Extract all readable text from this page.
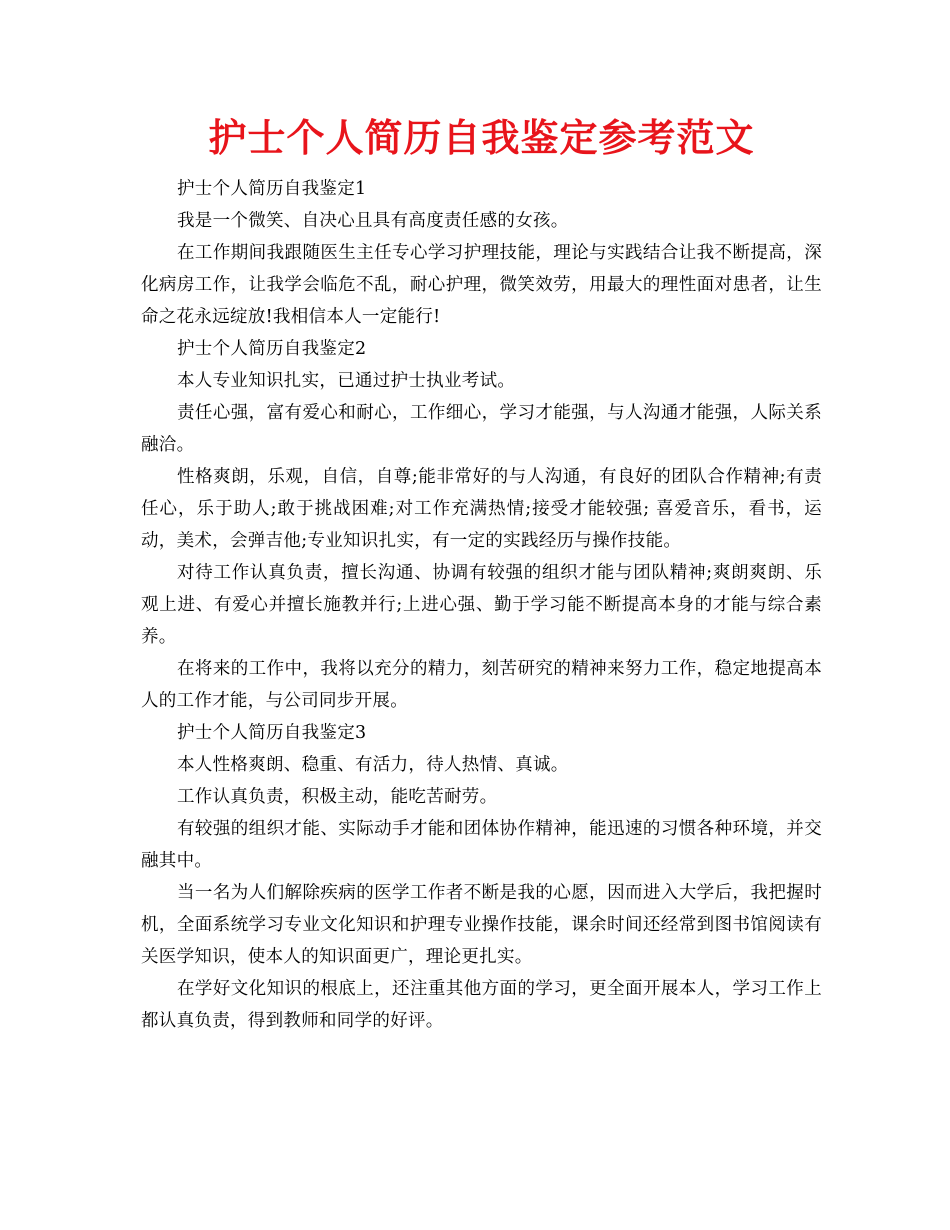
护士个人简历自我鉴定参考范文

护士个人简历自我鉴定1

我是一个微笑、自决心且具有高度责任感的女孩。

在工作期间我跟随医生主任专心学习护理技能，理论与实践结合让我不断提高，深化病房工作，让我学会临危不乱，耐心护理，微笑效劳，用最大的理性面对患者，让生命之花永远绽放!我相信本人一定能行!

护士个人简历自我鉴定2

本人专业知识扎实，已通过护士执业考试。

责任心强，富有爱心和耐心，工作细心，学习才能强，与人沟通才能强，人际关系融洽。

性格爽朗，乐观，自信，自尊;能非常好的与人沟通，有良好的团队合作精神;有责任心，乐于助人;敢于挑战困难;对工作充满热情;接受才能较强; 喜爱音乐，看书，运动，美术，会弹吉他;专业知识扎实，有一定的实践经历与操作技能。

对待工作认真负责，擅长沟通、协调有较强的组织才能与团队精神;爽朗爽朗、乐观上进、有爱心并擅长施教并行;上进心强、勤于学习能不断提高本身的才能与综合素养。

在将来的工作中，我将以充分的精力，刻苦研究的精神来努力工作，稳定地提高本人的工作才能，与公司同步开展。

护士个人简历自我鉴定3

本人性格爽朗、稳重、有活力，待人热情、真诚。

工作认真负责，积极主动，能吃苦耐劳。

有较强的组织才能、实际动手才能和团体协作精神，能迅速的习惯各种环境，并交融其中。

当一名为人们解除疾病的医学工作者不断是我的心愿，因而进入大学后，我把握时机，全面系统学习专业文化知识和护理专业操作技能，课余时间还经常到图书馆阅读有关医学知识，使本人的知识面更广，理论更扎实。

在学好文化知识的根底上，还注重其他方面的学习，更全面开展本人，学习工作上都认真负责，得到教师和同学的好评。
